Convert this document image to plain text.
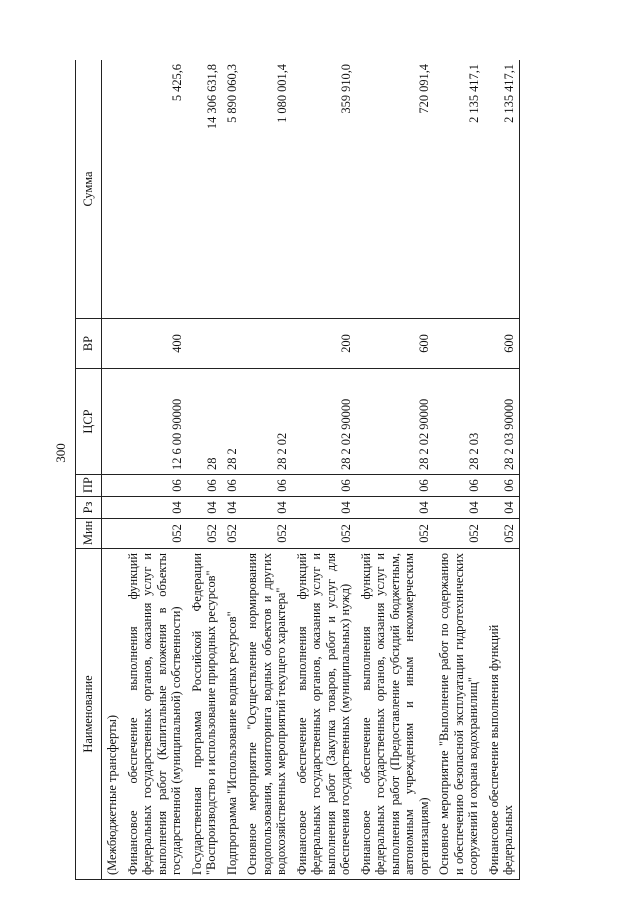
300
Наименование	Мин	Рз	ПР	ЦСР	ВР	Сумма
(Межбюджетные трансферты)						
Финансовое обеспечение выполнения функций федеральных государственных органов, оказания услуг и выполнения работ (Капитальные вложения в объекты государственной (муниципальной) собственности)	052	04	06	12 6 00 90000	400	5 425,6
Государственная программа Российской Федерации "Воспроизводство и использование природных ресурсов"	052	04	06	28		14 306 631,8
Подпрограмма "Использование водных ресурсов"	052	04	06	28 2		5 890 060,3
Основное мероприятие "Осуществление нормирования водопользования, мониторинга водных объектов и других водохозяйственных мероприятий текущего характера"	052	04	06	28 2 02		1 080 001,4
Финансовое обеспечение выполнения функций федеральных государственных органов, оказания услуг и выполнения работ (Закупка товаров, работ и услуг для обеспечения государственных (муниципальных) нужд)	052	04	06	28 2 02 90000	200	359 910,0
Финансовое обеспечение выполнения функций федеральных государственных органов, оказания услуг и выполнения работ (Предоставление субсидий бюджетным, автономным учреждениям и иным некоммерческим организациям)	052	04	06	28 2 02 90000	600	720 091,4
Основное мероприятие "Выполнение работ по содержанию и обеспечению безопасной эксплуатации гидротехнических сооружений и охрана водохранилищ"	052	04	06	28 2 03		2 135 417,1
Финансовое обеспечение выполнения функций федеральных	052	04	06	28 2 03 90000	600	2 135 417,1
